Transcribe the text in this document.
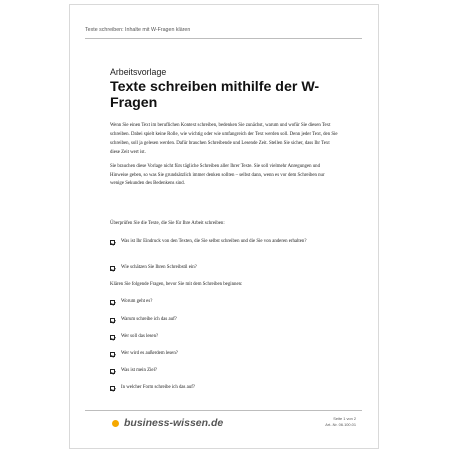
Texte schreiben: Inhalte mit W-Fragen klären
Arbeitsvorlage
Texte schreiben mithilfe der W-Fragen

Wenn Sie einen Text im beruflichen Kontext schreiben, bedenken Sie zunächst, warum und wofür Sie diesen Text schreiben. Dabei spielt keine Rolle, wie wichtig oder wie umfangreich der Text werden soll. Denn jeder Text, den Sie schreiben, soll ja gelesen werden. Dafür brauchen Schreibende und Lesende Zeit. Stellen Sie sicher, dass Ihr Text diese Zeit wert ist.

Sie brauchen diese Vorlage nicht fürs tägliche Schreiben aller Ihrer Texte. Sie soll vielmehr Anregungen und Hinweise geben, so was Sie grundsätzlich immer denken sollten – selbst dann, wenn es vor dem Schreiben nur wenige Sekunden des Bedenkens sind.

Überprüfen Sie die Texte, die Sie für Ihre Arbeit schreiben:
Was ist Ihr Eindruck von den Texten, die Sie selbst schreiben und die Sie von anderen erhalten?
Wie schätzen Sie Ihren Schreibstil ein?
Klären Sie folgende Fragen, bevor Sie mit dem Schreiben beginnen:
Worum geht es?
Warum schreibe ich das auf?
Wer soll das lesen?
Wer wird es außerdem lesen?
Was ist mein Ziel?
In welcher Form schreibe ich das auf?
business-wissen.de	Seite 1 von 2
Art.-Nr. 06.100.01
